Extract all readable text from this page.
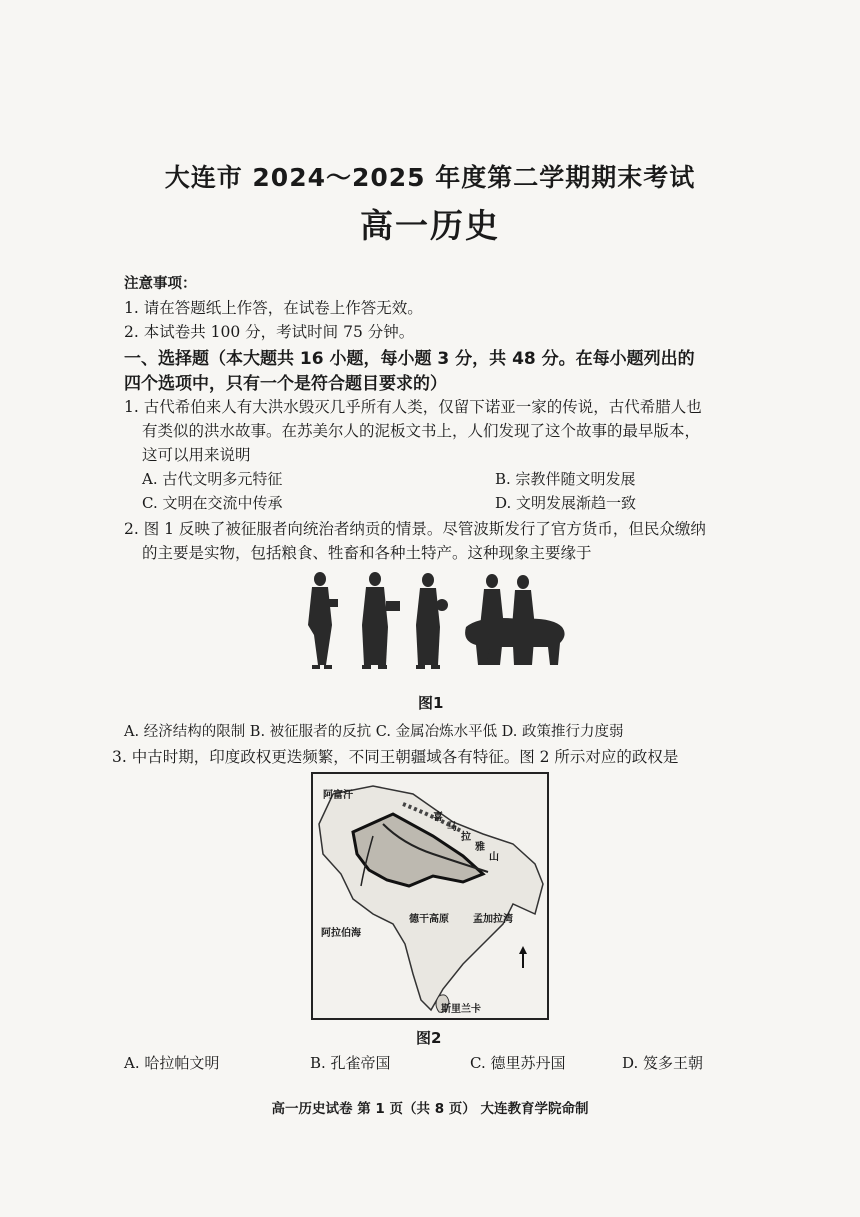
大连市 2024～2025 年度第二学期期末考试
高一历史
注意事项：
1. 请在答题纸上作答，在试卷上作答无效。
2. 本试卷共 100 分，考试时间 75 分钟。
一、选择题（本大题共 16 小题，每小题 3 分，共 48 分。在每小题列出的
四个选项中，只有一个是符合题目要求的）
1. 古代希伯来人有大洪水毁灭几乎所有人类，仅留下诺亚一家的传说，古代希腊人也
有类似的洪水故事。在苏美尔人的泥板文书上，人们发现了这个故事的最早版本，
这可以用来说明
A. 古代文明多元特征	B. 宗教伴随文明发展
C. 文明在交流中传承	D. 文明发展渐趋一致
2. 图 1 反映了被征服者向统治者纳贡的情景。尽管波斯发行了官方货币，但民众缴纳
的主要是实物，包括粮食、牲畜和各种土特产。这种现象主要缘于
图1
A. 经济结构的限制 B. 被征服者的反抗 C. 金属冶炼水平低 D. 政策推行力度弱
3. 中古时期，印度政权更迭频繁，不同王朝疆域各有特征。图 2 所示对应的政权是
阿富汗
喜
马
拉
雅
山
德干高原 孟加拉湾
阿拉伯海
斯里兰卡
图2
A. 哈拉帕文明	B. 孔雀帝国	C. 德里苏丹国	D. 笈多王朝
高一历史试卷 第 1 页（共 8 页） 大连教育学院命制
